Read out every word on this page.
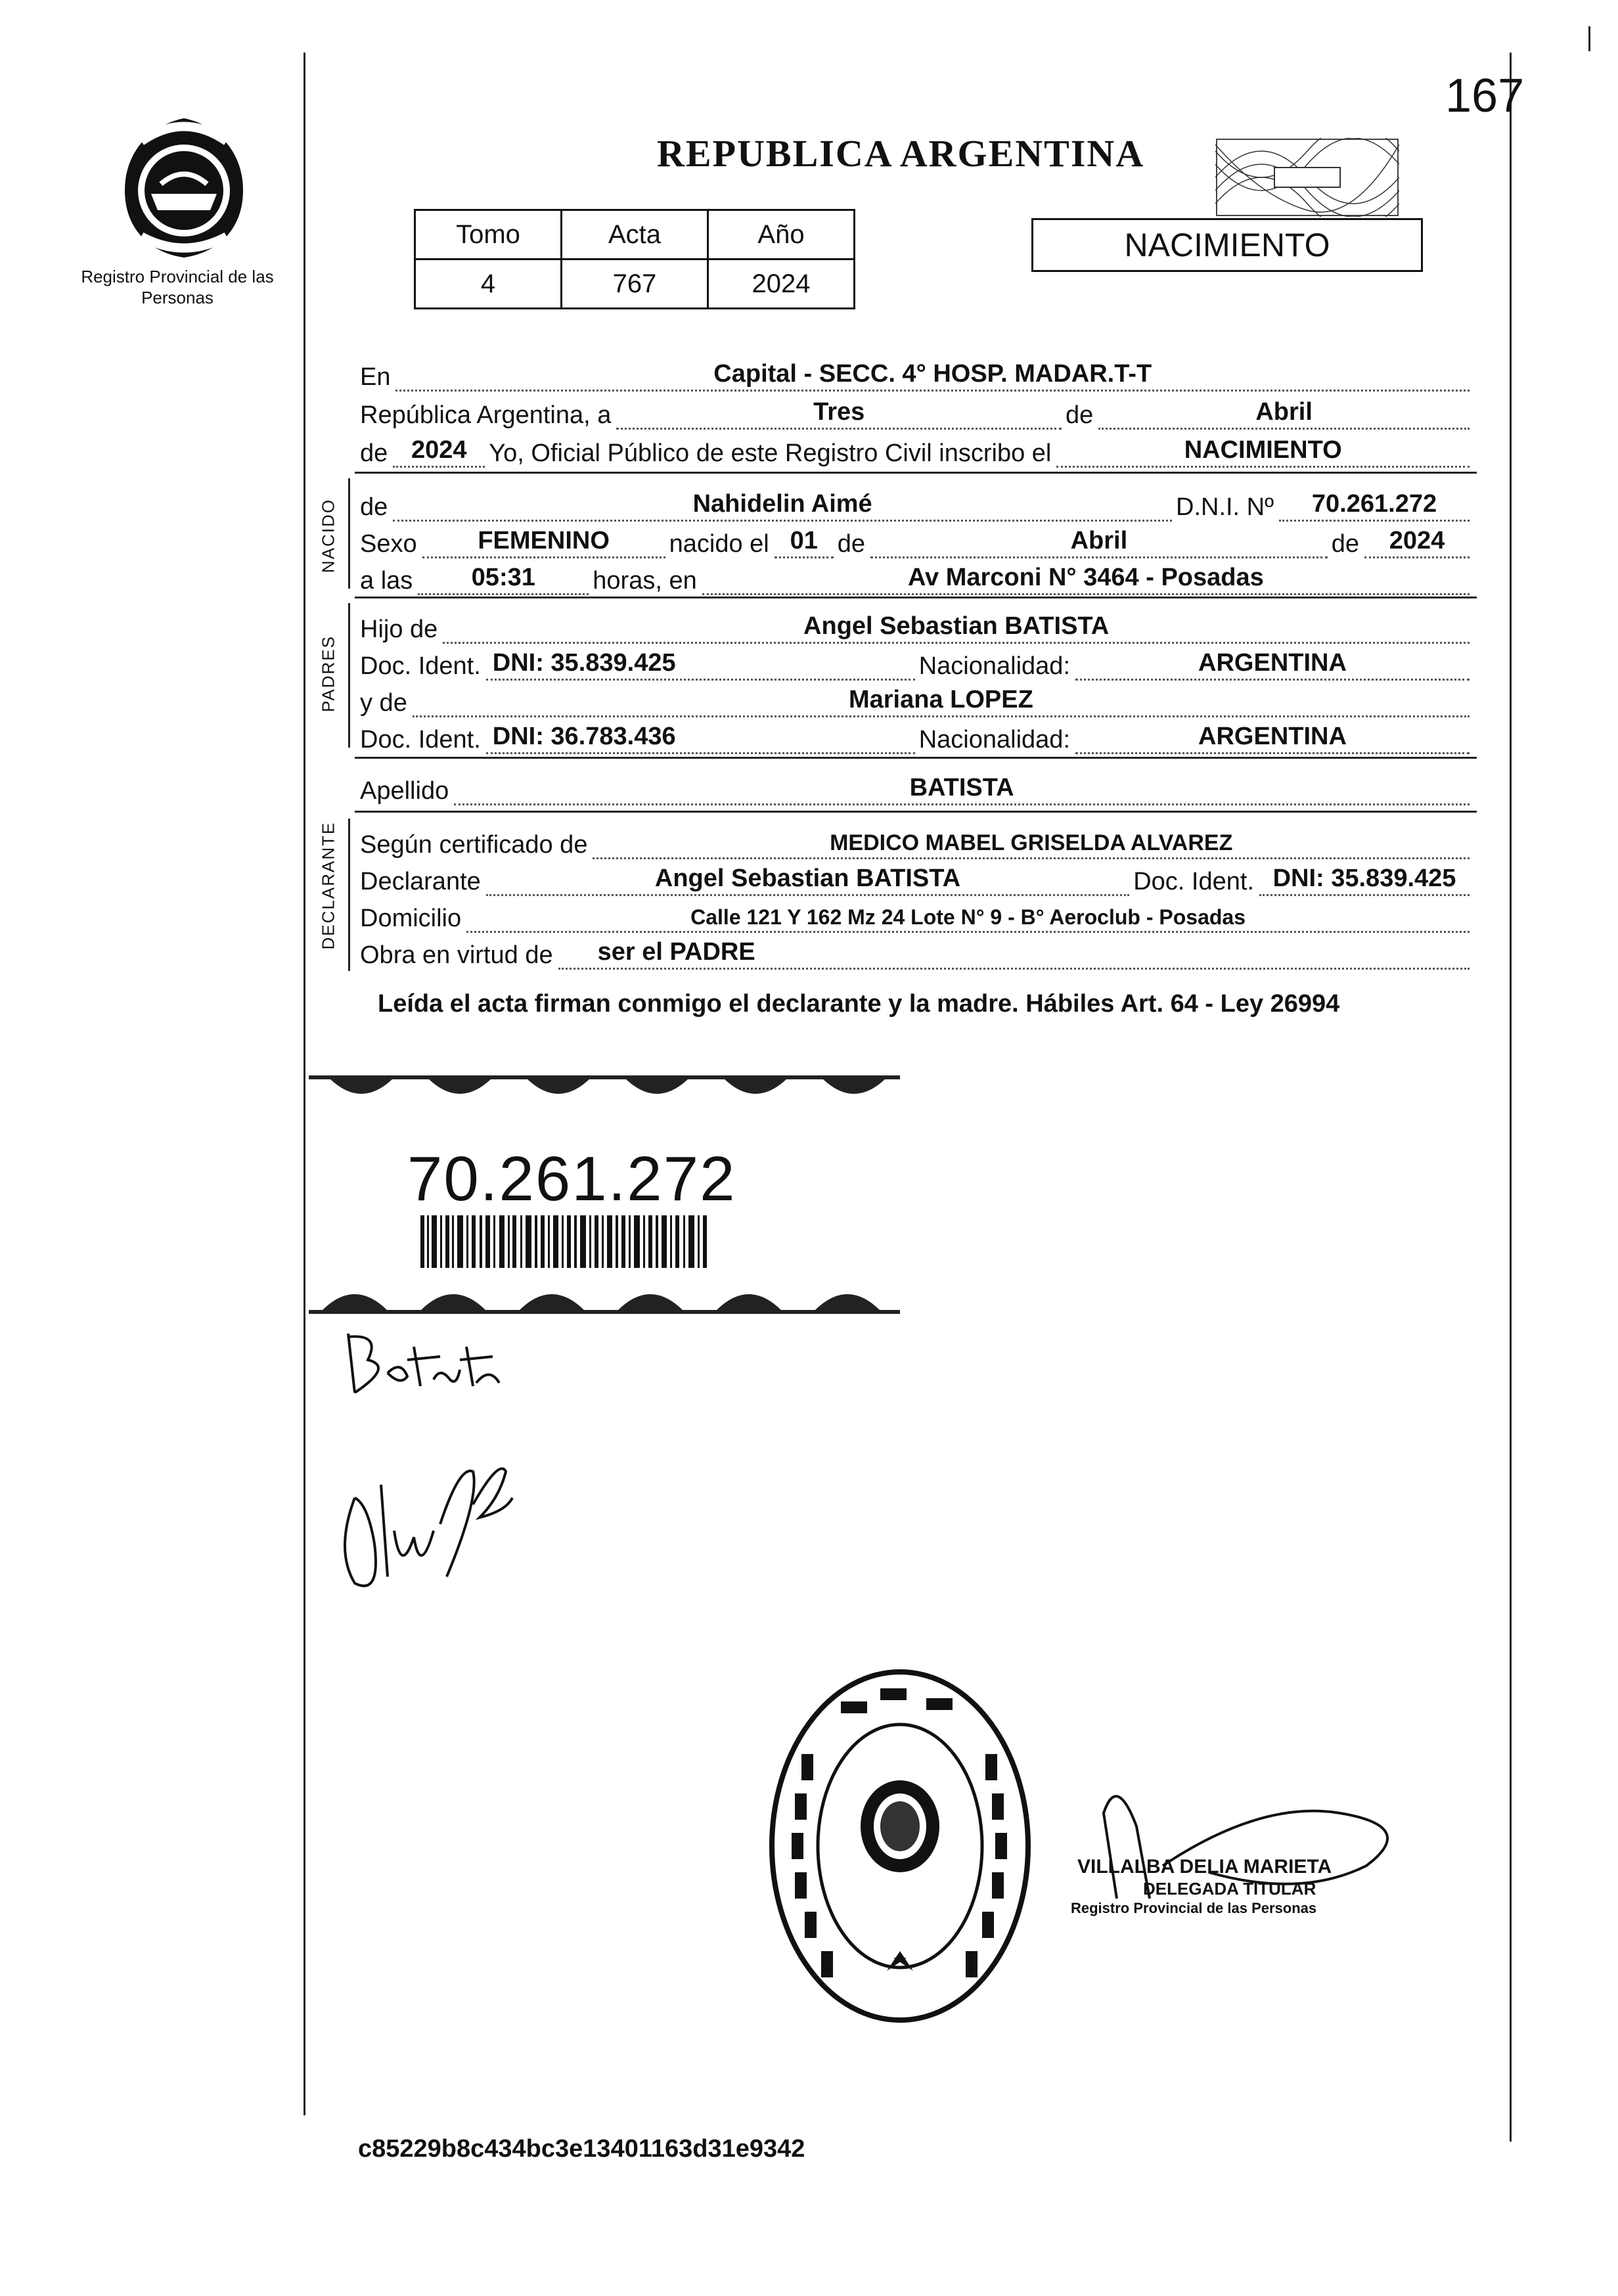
167
Registro Provincial de las Personas
REPUBLICA ARGENTINA
Tomo	Acta	Año
4	767	2024
NACIMIENTO
En	Capital - SECC. 4° HOSP. MADAR.T-T
República Argentina, a	Tres	de	Abril
de 2024 Yo, Oficial Público de este Registro Civil inscribo el	NACIMIENTO
NACIDO de	Nahidelin Aimé	D.N.I. Nº	70.261.272
Sexo	FEMENINO	nacido el 01 de	Abril	de	2024
a las	05:31	horas, en	Av Marconi N° 3464 - Posadas
PADRES
Hijo de	Angel Sebastian BATISTA
Doc. Ident. DNI: 35.839.425	Nacionalidad:	ARGENTINA
y de	Mariana LOPEZ
Doc. Ident. DNI: 36.783.436	Nacionalidad:	ARGENTINA
Apellido	BATISTA
DECLARANTE Según certificado de	MEDICO MABEL GRISELDA ALVAREZ
Declarante	Angel Sebastian BATISTA	Doc. Ident. DNI: 35.839.425
Domicilio	Calle 121 Y 162 Mz 24 Lote N° 9 - B° Aeroclub - Posadas
Obra en virtud de	ser el PADRE
Leída el acta firman conmigo el declarante y la madre. Hábiles Art. 64 - Ley 26994
70.261.272
VILLALBA DELIA MARIETA
DELEGADA TITULAR
Registro Provincial de las Personas
c85229b8c434bc3e13401163d31e9342
